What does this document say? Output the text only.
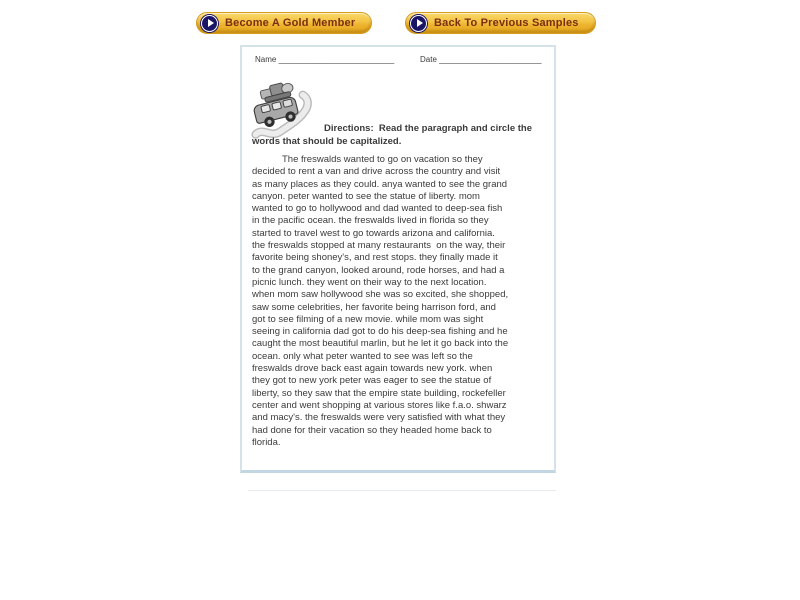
Become A Gold Member	Back To Previous Samples
Name __________________________	Date _______________________
Directions:  Read the paragraph and circle the
words that should be capitalized.
The freswalds wanted to go on vacation so they
decided to rent a van and drive across the country and visit
as many places as they could. anya wanted to see the grand
canyon. peter wanted to see the statue of liberty. mom
wanted to go to hollywood and dad wanted to deep-sea fish
in the pacific ocean. the freswalds lived in florida so they
started to travel west to go towards arizona and california.
the freswalds stopped at many restaurants  on the way, their
favorite being shoney's, and rest stops. they finally made it
to the grand canyon, looked around, rode horses, and had a
picnic lunch. they went on their way to the next location.
when mom saw hollywood she was so excited, she shopped,
saw some celebrities, her favorite being harrison ford, and
got to see filming of a new movie. while mom was sight
seeing in california dad got to do his deep-sea fishing and he
caught the most beautiful marlin, but he let it go back into the
ocean. only what peter wanted to see was left so the
freswalds drove back east again towards new york. when
they got to new york peter was eager to see the statue of
liberty, so they saw that the empire state building, rockefeller
center and went shopping at various stores like f.a.o. shwarz
and macy's. the freswalds were very satisfied with what they
had done for their vacation so they headed home back to
florida.
